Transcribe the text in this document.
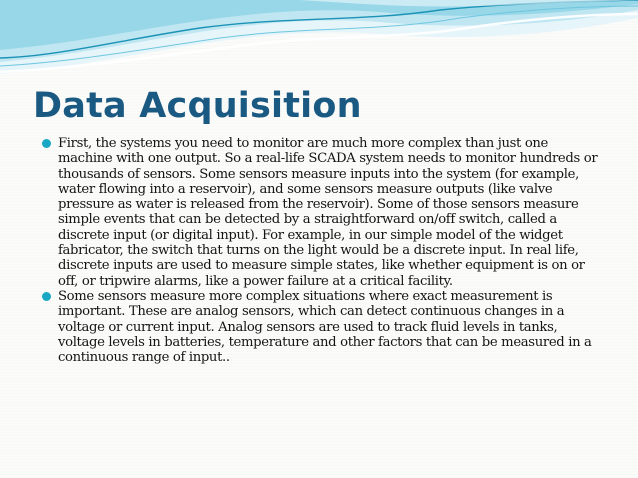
Data Acquisition
First, the systems you need to monitor are much more complex than just one machine with one output. So a real-life SCADA system needs to monitor hundreds or thousands of sensors. Some sensors measure inputs into the system (for example, water flowing into a reservoir), and some sensors measure outputs (like valve pressure as water is released from the reservoir). Some of those sensors measure simple events that can be detected by a straightforward on/off switch, called a discrete input (or digital input). For example, in our simple model of the widget fabricator, the switch that turns on the light would be a discrete input. In real life, discrete inputs are used to measure simple states, like whether equipment is on or off, or tripwire alarms, like a power failure at a critical facility.
Some sensors measure more complex situations where exact measurement is important. These are analog sensors, which can detect continuous changes in a voltage or current input. Analog sensors are used to track fluid levels in tanks, voltage levels in batteries, temperature and other factors that can be measured in a continuous range of input..
